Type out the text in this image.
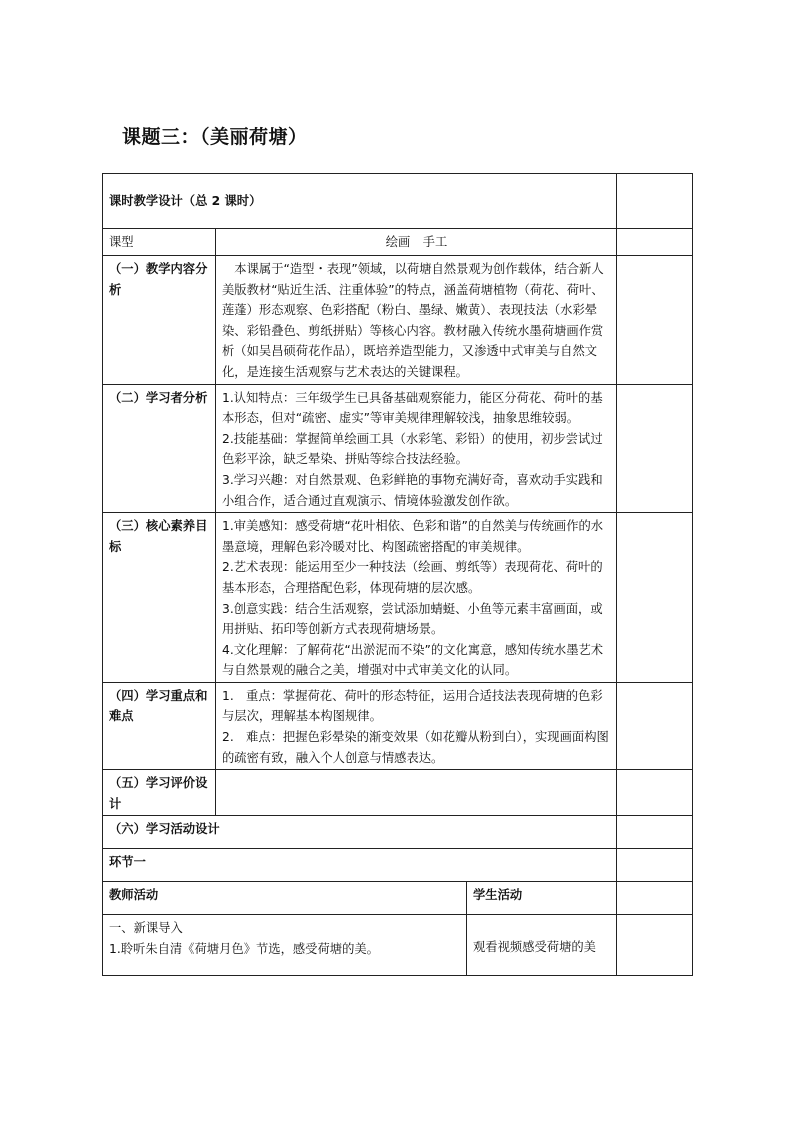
课题三：（美丽荷塘）
课时教学设计（总 2 课时）			
课型	绘画　手工		
（一）教学内容分析	本课属于“造型・表现”领域，以荷塘自然景观为创作载体，结合新人美版教材“贴近生活、注重体验”的特点，涵盖荷塘植物（荷花、荷叶、莲蓬）形态观察、色彩搭配（粉白、墨绿、嫩黄）、表现技法（水彩晕染、彩铅叠色、剪纸拼贴）等核心内容。教材融入传统水墨荷塘画作赏析（如吴昌硕荷花作品），既培养造型能力，又渗透中式审美与自然文化，是连接生活观察与艺术表达的关键课程。		

（二）学习者分析	1.认知特点：三年级学生已具备基础观察能力，能区分荷花、荷叶的基本形态，但对“疏密、虚实”等审美规律理解较浅，抽象思维较弱。

2.技能基础：掌握简单绘画工具（水彩笔、彩铅）的使用，初步尝试过色彩平涂，缺乏晕染、拼贴等综合技法经验。

3.学习兴趣：对自然景观、色彩鲜艳的事物充满好奇，喜欢动手实践和小组合作，适合通过直观演示、情境体验激发创作欲。		

（三）核心素养目标	1.审美感知：感受荷塘“花叶相依、色彩和谐”的自然美与传统画作的水墨意境，理解色彩冷暖对比、构图疏密搭配的审美规律。

2.艺术表现：能运用至少一种技法（绘画、剪纸等）表现荷花、荷叶的基本形态，合理搭配色彩，体现荷塘的层次感。

3.创意实践：结合生活观察，尝试添加蜻蜓、小鱼等元素丰富画面，或用拼贴、拓印等创新方式表现荷塘场景。

4.文化理解：了解荷花“出淤泥而不染”的文化寓意，感知传统水墨艺术与自然景观的融合之美，增强对中式审美文化的认同。		

（四）学习重点和难点	1.　重点：掌握荷花、荷叶的形态特征，运用合适技法表现荷塘的色彩与层次，理解基本构图规律。

2.　难点：把握色彩晕染的渐变效果（如花瓣从粉到白），实现画面构图的疏密有致，融入个人创意与情感表达。		

（五）学习评价设计			
（六）学习活动设计			
环节一			
教师活动		学生活动	

一、新课导入
1.聆听朱自清《荷塘月色》节选，感受荷塘的美。		观看视频感受荷塘的美	
